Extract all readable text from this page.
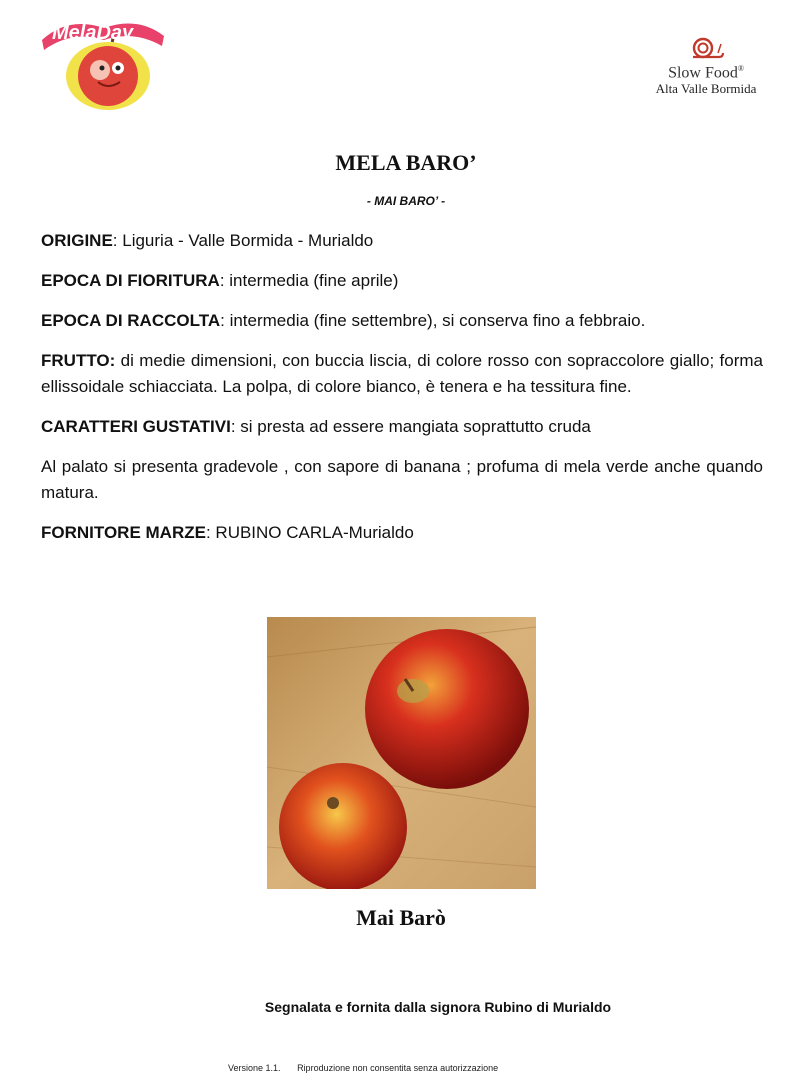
MelaDay
Slow Food®
Alta Valle Bormida
MELA BARO’
- MAI BARO’ -

ORIGINE: Liguria - Valle Bormida - Murialdo

EPOCA DI FIORITURA: intermedia (fine aprile)

EPOCA DI RACCOLTA: intermedia (fine settembre), si conserva fino a febbraio.

FRUTTO: di medie dimensioni, con buccia liscia, di colore rosso con sopraccolore giallo; forma ellissoidale schiacciata. La polpa, di colore bianco, è tenera e ha tessitura fine.

CARATTERI GUSTATIVI: si presta ad essere mangiata soprattutto cruda

Al palato si presenta gradevole , con sapore di banana ; profuma di mela verde anche quando matura.

FORNITORE MARZE: RUBINO CARLA-Murialdo

Mai Barò
Segnalata e fornita dalla signora Rubino di Murialdo
Versione 1.1. Riproduzione non consentita senza autorizzazione
